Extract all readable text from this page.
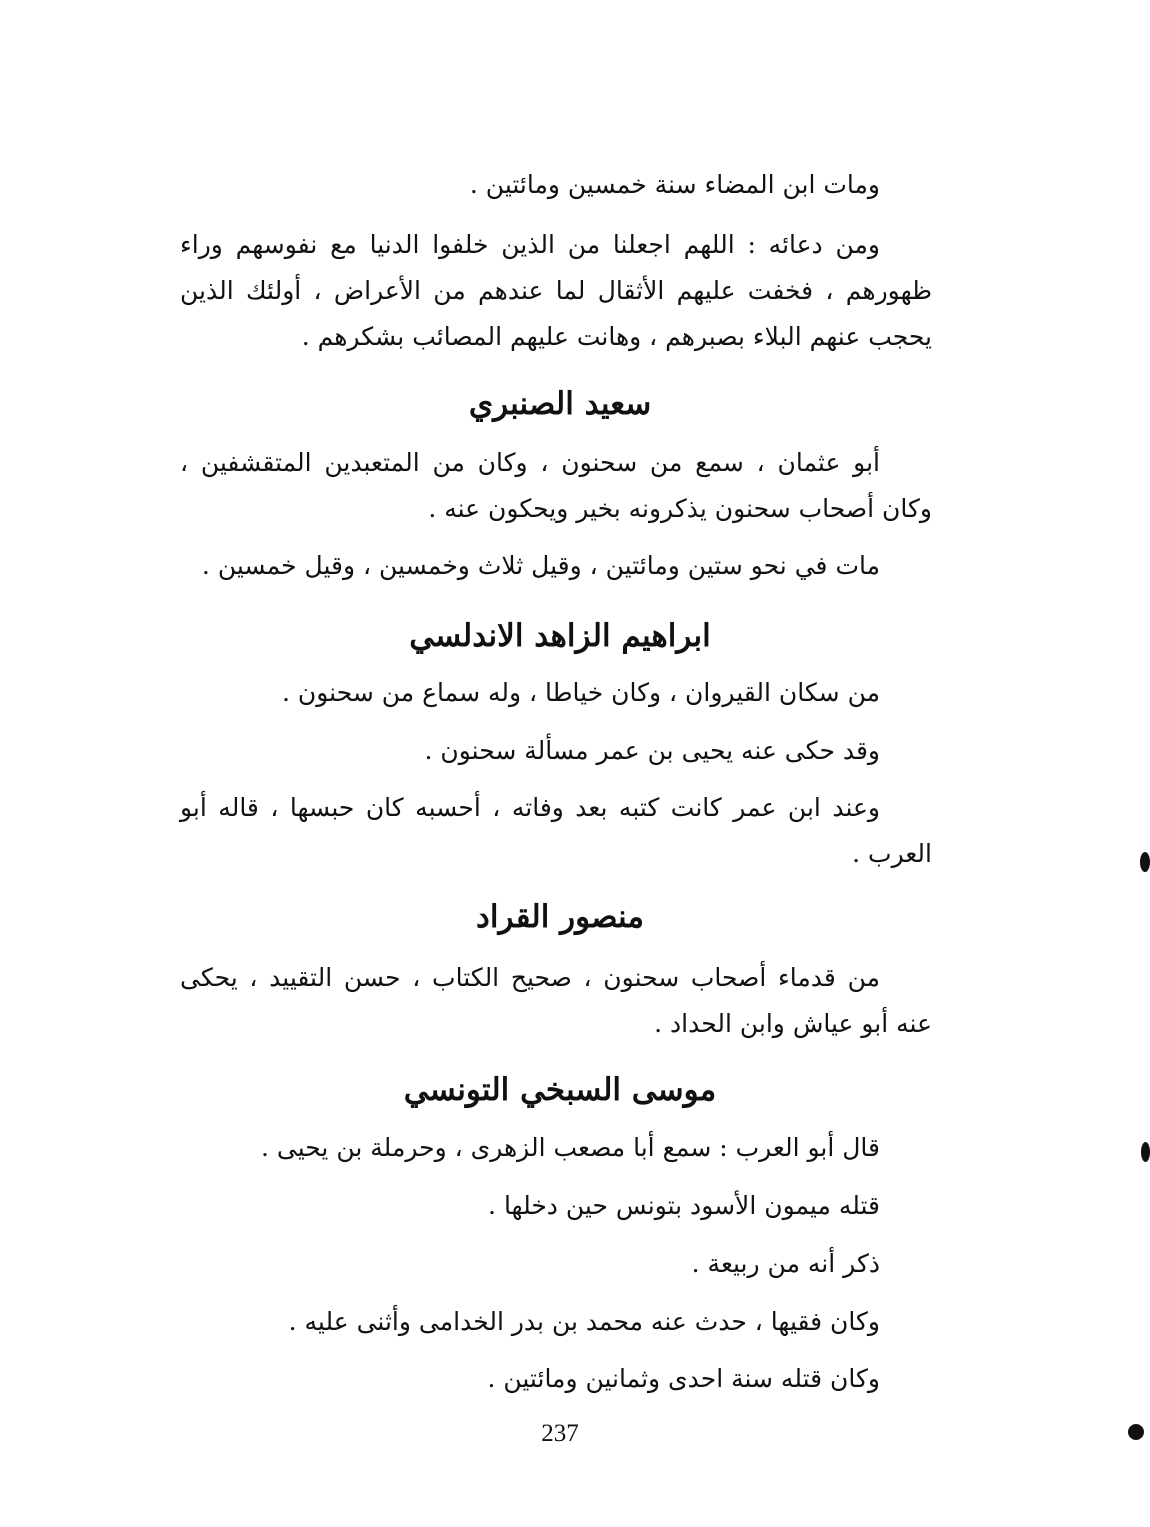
ومات ابن المضاء سنة خمسين ومائتين .

ومن دعائه : اللهم اجعلنا من الذين خلفوا الدنيا مع نفوسهم وراء ظهورهم ، فخفت عليهم الأثقال لما عندهم من الأعراض ، أولئك الذين يحجب عنهم البلاء بصبرهم ، وهانت عليهم المصائب بشكرهم .

سعيد الصنبري

أبو عثمان ، سمع من سحنون ، وكان من المتعبدين المتقشفين ، وكان أصحاب سحنون يذكرونه بخير ويحكون عنه .

مات في نحو ستين ومائتين ، وقيل ثلاث وخمسين ، وقيل خمسين .

ابراهيم الزاهد الاندلسي

من سكان القيروان ، وكان خياطا ، وله سماع من سحنون .

وقد حكى عنه يحيى بن عمر مسألة سحنون .

وعند ابن عمر كانت كتبه بعد وفاته ، أحسبه كان حبسها ، قاله أبو العرب .

منصور القراد

من قدماء أصحاب سحنون ، صحيح الكتاب ، حسن التقييد ، يحكى عنه أبو عياش وابن الحداد .

موسى السبخي التونسي

قال أبو العرب : سمع أبا مصعب الزهرى ، وحرملة بن يحيى .

قتله ميمون الأسود بتونس حين دخلها .

ذكر أنه من ربيعة .

وكان فقيها ، حدث عنه محمد بن بدر الخدامى وأثنى عليه .

وكان قتله سنة احدى وثمانين ومائتين .

237
